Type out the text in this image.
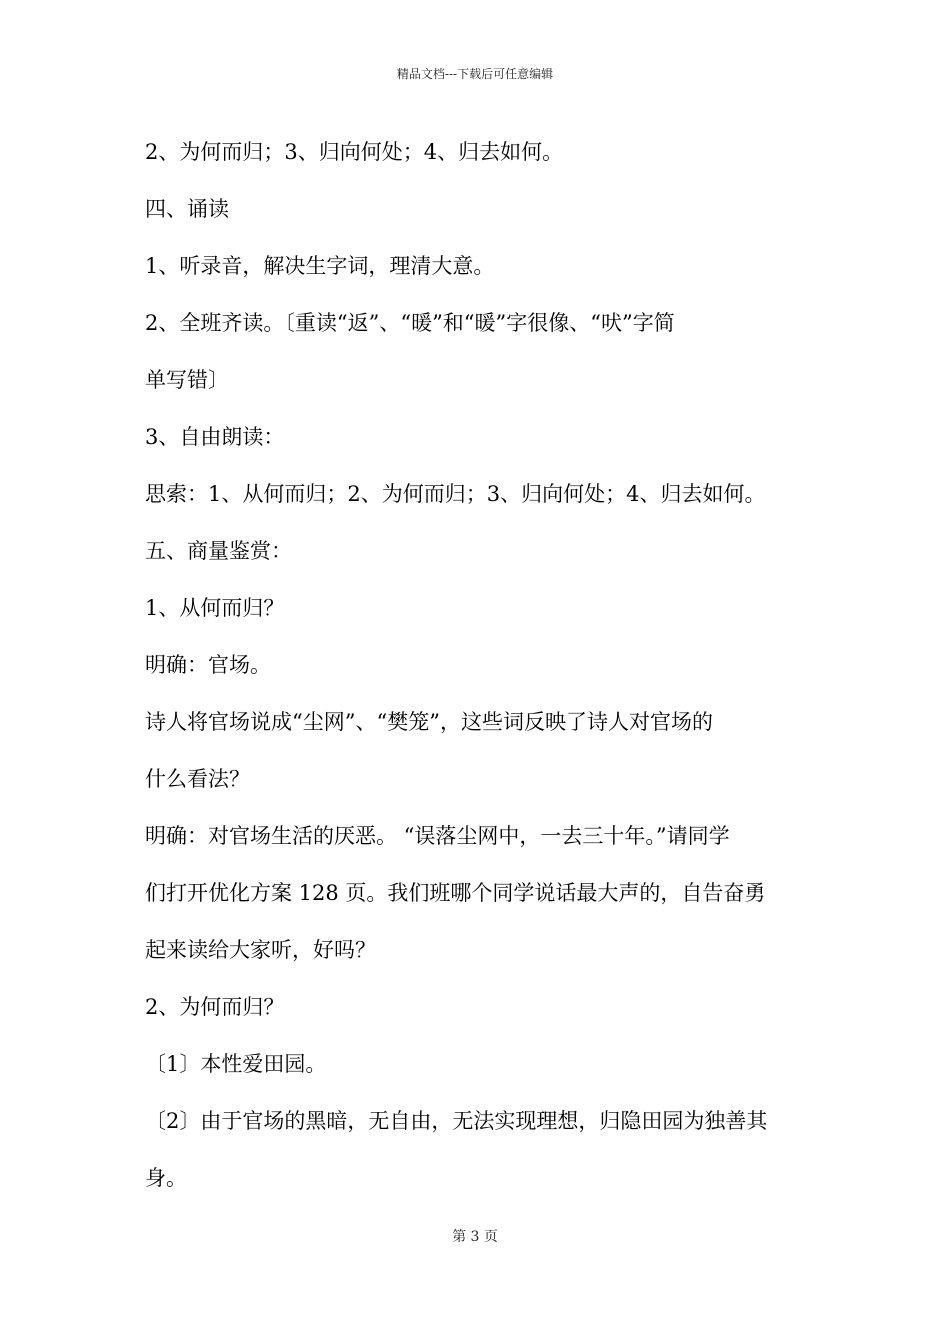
精品文档---下载后可任意编辑
2、为何而归；3、归向何处；4、归去如何。
四、诵读
1、听录音，解决生字词，理清大意。
2、全班齐读。〔重读“返”、“暖”和“暖”字很像、“吠”字简
单写错〕
3、自由朗读：
思索：1、从何而归；2、为何而归；3、归向何处；4、归去如何。
五、商量鉴赏：
1、从何而归？
明确：官场。
诗人将官场说成“尘网”、“樊笼”，这些词反映了诗人对官场的
什么看法？
明确：对官场生活的厌恶。 “误落尘网中，一去三十年。”请同学
们打开优化方案 128 页。我们班哪个同学说话最大声的，自告奋勇
起来读给大家听，好吗？
2、为何而归？
〔1〕本性爱田园。
〔2〕由于官场的黑暗，无自由，无法实现理想，归隐田园为独善其
身。
第 3 页
